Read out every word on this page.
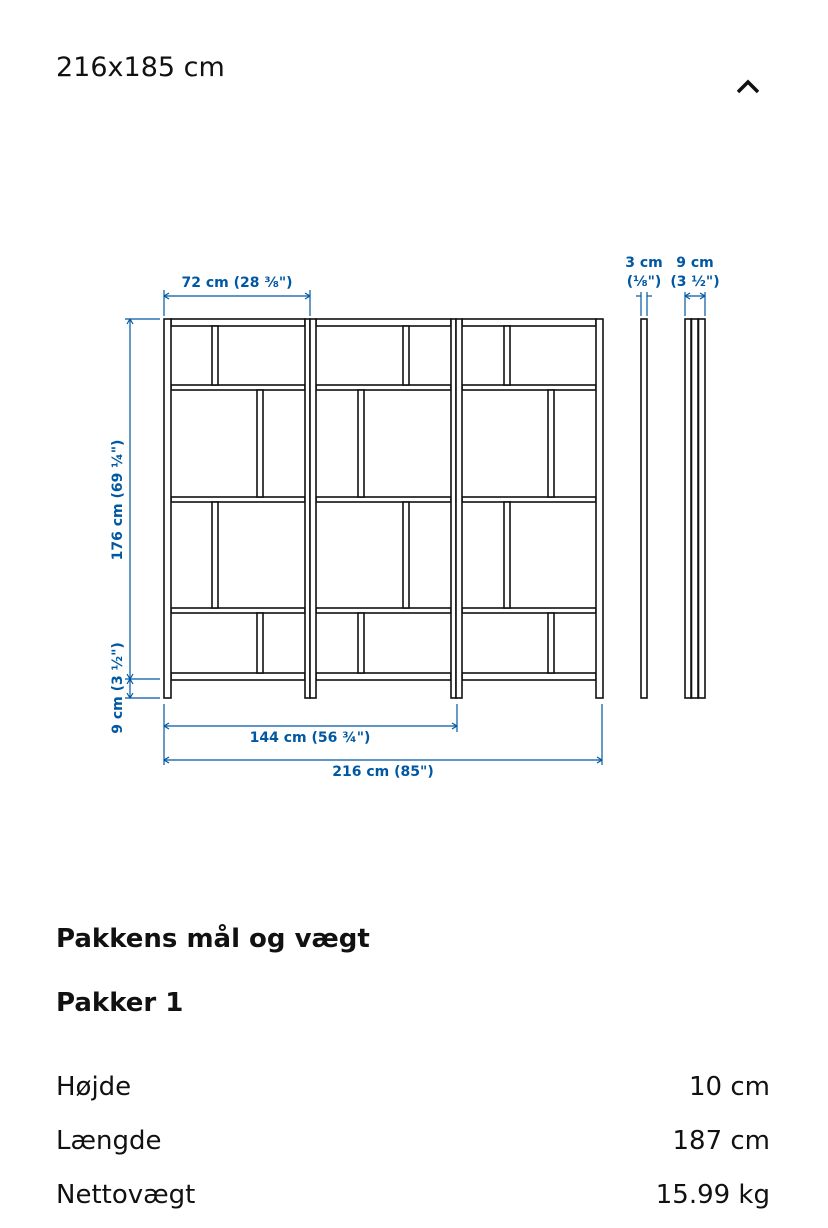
216x185 cm
72 cm (28 ⅜")
3 cm
(⅛")
9 cm
(3 ½")
176 cm (69 ¼")
9 cm (3 ½")
144 cm (56 ¾")
216 cm (85")
Pakkens mål og vægt
Pakker 1
Højde	10 cm
Længde	187 cm
Nettovægt	15.99 kg
